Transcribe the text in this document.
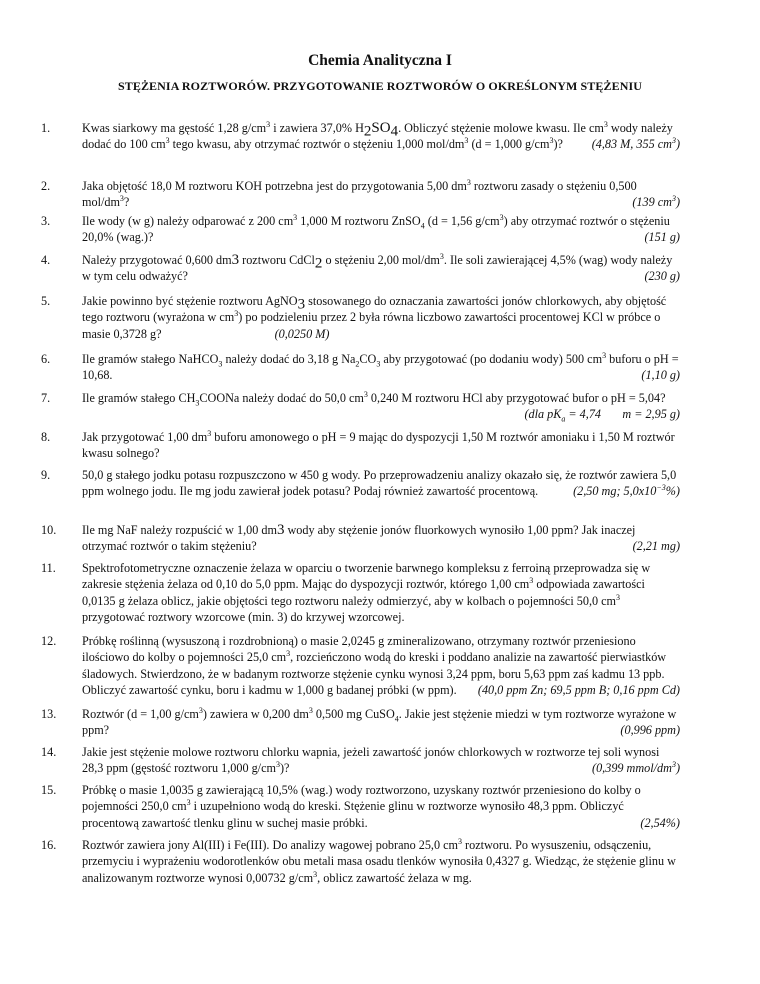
Chemia Analityczna I
STĘŻENIA ROZTWORÓW. PRZYGOTOWANIE ROZTWORÓW O OKREŚLONYM STĘŻENIU
1.	Kwas siarkowy ma gęstość 1,28 $g/cm^3$ i zawiera 37,0% $H_2SO_4$. Obliczyć stężenie molowe kwasu. Ile $cm^3$ wody należy dodać do 100 $cm^3$ tego kwasu, aby otrzymać roztwór o stężeniu 1,000 mol/$dm^3$ (d = 1,000 $g/cm^3$)? (4,83 M, 355 $cm^3$)
2.	Jaka objętość 18,0 M roztworu KOH potrzebna jest do przygotowania 5,00 $dm^3$ roztworu zasady o stężeniu 0,500 mol/$dm^3$?	(139 $cm^3$)
3.	Ile wody (w g) należy odparować z 200 $cm^3$ 1,000 M roztworu ZnSO$_4$ (d = 1,56 $g/cm^3$) aby otrzymać roztwór o stężeniu 20,0% (wag.)?	(151 g)
4.	Należy przygotować 0,600 dm3 roztworu CdCl$_2$ o stężeniu 2,00 mol/$dm^3$. Ile soli zawierającej 4,5% (wag) wody należy w tym celu odważyć?	(230 g)
5.	Jakie powinno być stężenie roztworu AgNO$_3$ stosowanego do oznaczania zawartości jonów chlorkowych, aby objętość tego roztworu (wyrażona w $cm^3$) po podzieleniu przez 2 była równa liczbowo zawartości procentowej KCl w próbce o masie 0,3728 g?	(0,0250 M)
6.	Ile gramów stałego NaHCO$_3$ należy dodać do 3,18 g $Na_2CO_3$ aby przygotować (po dodaniu wody) 500 $cm^3$ buforu o pH = 10,68.	(1,10 g)
7.	Ile gramów stałego $CH_3COONa$ należy dodać do 50,0 $cm^3$ 0,240 M roztworu HCl aby przygotować bufor o pH = 5,04?
(dla $pK_a = 4,74$ m = 2,95 g)
8.	Jak przygotować 1,00 $dm^3$ buforu amonowego o pH = 9 mając do dyspozycji 1,50 M roztwór amoniaku i 1,50 M roztwór kwasu solnego?
9.	50,0 g stałego jodku potasu rozpuszczono w 450 g wody. Po przeprowadzeniu analizy okazało się, że roztwór zawiera 5,0 ppm wolnego jodu. Ile mg jodu zawierał jodek potasu? Podaj również zawartość procentową.	(2,50 mg; $5,0x10^{-3}\%$)
10. Ile mg NaF należy rozpuścić w 1,00 dm3 wody aby stężenie jonów fluorkowych wynosiło 1,00 ppm? Jak inaczej otrzymać roztwór o takim stężeniu?	(2,21 mg)
11. Spektrofotometryczne oznaczenie żelaza w oparciu o tworzenie barwnego kompleksu z ferroiną przeprowadza się w zakresie stężenia żelaza od 0,10 do 5,0 ppm. Mając do dyspozycji roztwór, którego 1,00 $cm^3$ odpowiada zawartości 0,0135 g żelaza oblicz, jakie objętości tego roztworu należy odmierzyć, aby w kolbach o pojemności 50,0 $cm^3$ przygotować roztwory wzorcowe (min. 3) do krzywej wzorcowej.
12. Próbkę roślinną (wysuszoną i rozdrobnioną) o masie 2,0245 g zmineralizowano, otrzymany roztwór przeniesiono ilościowo do kolby o pojemności 25,0 $cm^3$, rozcieńczono wodą do kreski i poddano analizie na zawartość pierwiastków śladowych. Stwierdzono, że w badanym roztworze stężenie cynku wynosi 3,24 ppm, boru 5,63 ppm zaś kadmu 13 ppb. Obliczyć zawartość cynku, boru i kadmu w 1,000 g badanej próbki (w ppm). (40,0 ppm Zn; 69,5 ppm B; 0,16 ppm Cd)
13. Roztwór (d = 1,00 $g/cm^3$) zawiera w 0,200 $dm^3$ 0,500 mg CuSO$_4$. Jakie jest stężenie miedzi w tym roztworze wyrażone w ppm?	(0,996 ppm)
14. Jakie jest stężenie molowe roztworu chlorku wapnia, jeżeli zawartość jonów chlorkowych w roztworze tej soli wynosi 28,3 ppm (gęstość roztworu 1,000 $g/cm^3$)?	(0,399 mmol/$dm^3$)
15. Próbkę o masie 1,0035 g zawierającą 10,5% (wag.) wody roztworzono, uzyskany roztwór przeniesiono do kolby o pojemności 250,0 $cm^3$ i uzupełniono wodą do kreski. Stężenie glinu w roztworze wynosiło 48,3 ppm. Obliczyć procentową zawartość tlenku glinu w suchej masie próbki.	(2,54%)
16. Roztwór zawiera jony Al(III) i Fe(III). Do analizy wagowej pobrano 25,0 $cm^3$ roztworu. Po wysuszeniu, odsączeniu, przemyciu i wyprażeniu wodorotlenków obu metali masa osadu tlenków wynosiła 0,4327 g. Wiedząc, że stężenie glinu w analizowanym roztworze wynosi 0,00732 $g/cm^3$, oblicz zawartość żelaza w mg.
